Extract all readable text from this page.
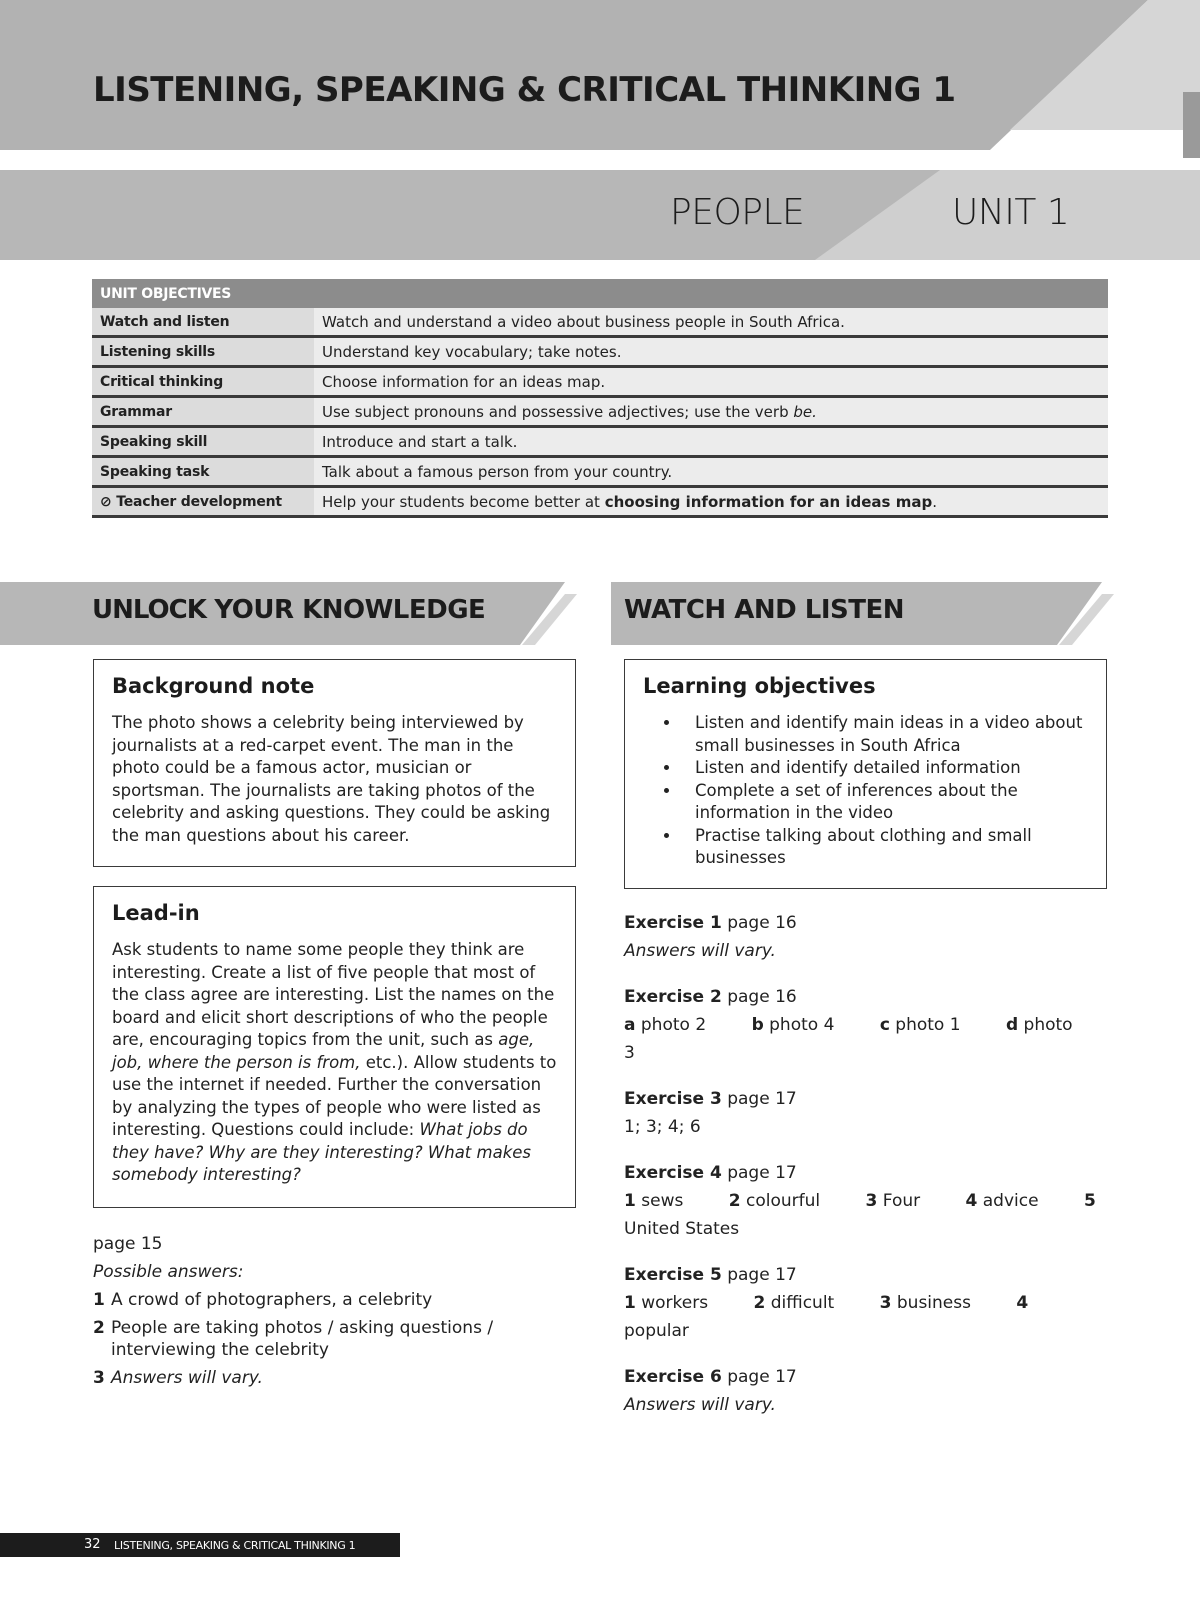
LISTENING, SPEAKING & CRITICAL THINKING 1
PEOPLE	UNIT 1
UNIT OBJECTIVES	
Watch and listen	Watch and understand a video about business people in South Africa.
Listening skills	Understand key vocabulary; take notes.
Critical thinking	Choose information for an ideas map.
Grammar	Use subject pronouns and possessive adjectives; use the verb be.
Speaking skill	Introduce and start a talk.
Speaking task	Talk about a famous person from your country.
⊘ Teacher development	Help your students become better at choosing information for an ideas map.
UNLOCK YOUR KNOWLEDGE
Background note

The photo shows a celebrity being interviewed by journalists at a red-carpet event. The man in the photo could be a famous actor, musician or sportsman. The journalists are taking photos of the celebrity and asking questions. They could be asking the man questions about his career.

Lead-in

Ask students to name some people they think are interesting. Create a list of five people that most of the class agree are interesting. List the names on the board and elicit short descriptions of who the people are, encouraging topics from the unit, such as age, job, where the person is from, etc.). Allow students to use the internet if needed. Further the conversation by analyzing the types of people who were listed as interesting. Questions could include: What jobs do they have? Why are they interesting? What makes somebody interesting?

page 15
Possible answers:
1 A crowd of photographers, a celebrity
2 People are taking photos / asking questions / interviewing the celebrity
3 Answers will vary.
WATCH AND LISTEN
Learning objectives
• Listen and identify main ideas in a video about small businesses in South Africa
• Listen and identify detailed information
• Complete a set of inferences about the information in the video
• Practise talking about clothing and small businesses
Exercise 1 page 16
Answers will vary.
Exercise 2 page 16
a photo 2	b photo 4	c photo 1	d photo 3
Exercise 3 page 17
1; 3; 4; 6
Exercise 4 page 17
1 sews	2 colourful	3 Four	4 advice	5 United States
Exercise 5 page 17
1 workers	2 difficult	3 business	4 popular
Exercise 6 page 17
Answers will vary.
32 LISTENING, SPEAKING & CRITICAL THINKING 1
